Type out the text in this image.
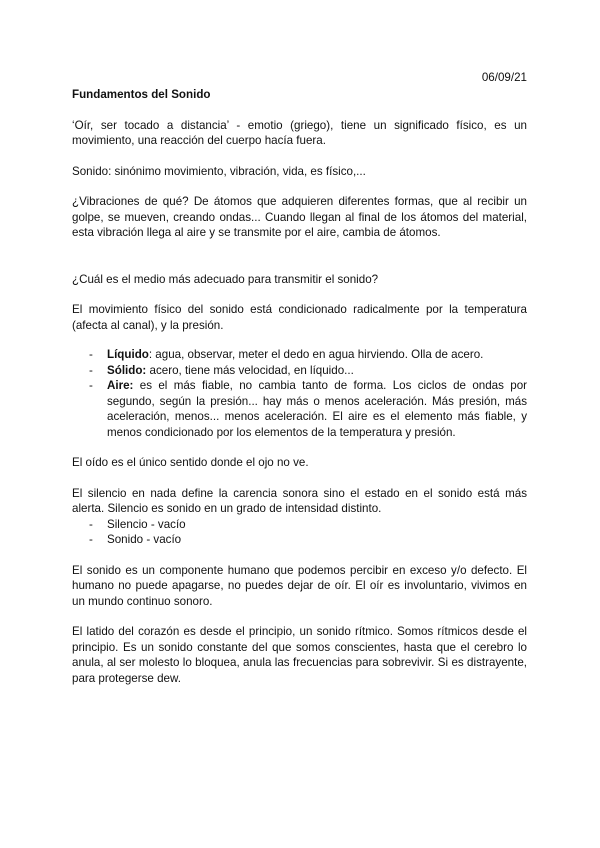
06/09/21
Fundamentos del Sonido

‘Oír, ser tocado a distancia’ - emotio (griego), tiene un significado físico, es un movimiento, una reacción del cuerpo hacía fuera.

Sonido: sinónimo movimiento, vibración, vida, es físico,...

¿Vibraciones de qué? De átomos que adquieren diferentes formas, que al recibir un golpe, se mueven, creando ondas... Cuando llegan al final de los átomos del material, esta vibración llega al aire y se transmite por el aire, cambia de átomos.

¿Cuál es el medio más adecuado para transmitir el sonido?

El movimiento físico del sonido está condicionado radicalmente por la temperatura (afecta al canal), y la presión.

- Líquido: agua, observar, meter el dedo en agua hirviendo. Olla de acero.
- Sólido: acero, tiene más velocidad, en líquido...
- Aire: es el más fiable, no cambia tanto de forma. Los ciclos de ondas por segundo, según la presión... hay más o menos aceleración. Más presión, más aceleración, menos... menos aceleración. El aire es el elemento más fiable, y menos condicionado por los elementos de la temperatura y presión.

El oído es el único sentido donde el ojo no ve.

El silencio en nada define la carencia sonora sino el estado en el sonido está más alerta. Silencio es sonido en un grado de intensidad distinto.

- Silencio - vacío
- Sonido - vacío

El sonido es un componente humano que podemos percibir en exceso y/o defecto. El humano no puede apagarse, no puedes dejar de oír. El oír es involuntario, vivimos en un mundo continuo sonoro.

El latido del corazón es desde el principio, un sonido rítmico. Somos rítmicos desde el principio. Es un sonido constante del que somos conscientes, hasta que el cerebro lo anula, al ser molesto lo bloquea, anula las frecuencias para sobrevivir. Si es distrayente, para protegerse dew.
